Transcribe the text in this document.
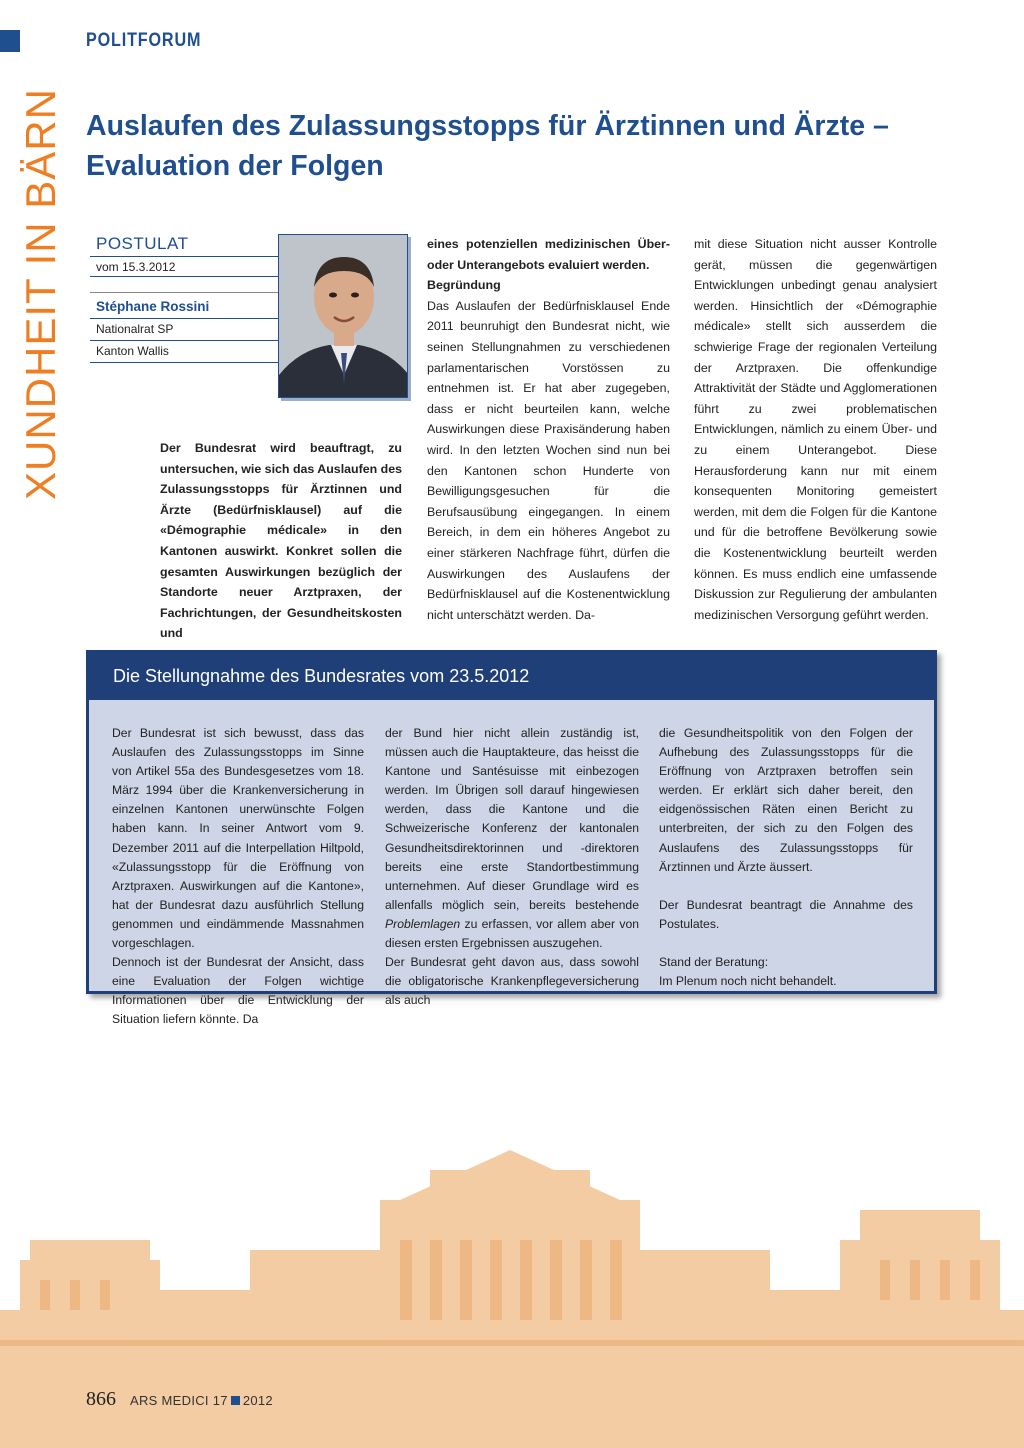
POLITFORUM
XUNDHEIT IN BÄRN Auslaufen des Zulassungsstopps für Ärztinnen und Ärzte –
Evaluation der Folgen
POSTULAT
vom 15.3.2012
Stéphane Rossini
Nationalrat SP
Kanton Wallis
Der Bundesrat wird beauftragt, zu untersuchen, wie sich das Auslaufen des Zulassungsstopps für Ärztinnen und Ärzte (Bedürfnisklausel) auf die «Démographie médicale» in den Kantonen auswirkt. Konkret sollen die gesamten Auswirkungen bezüglich der Standorte neuer Arztpraxen, der Fachrichtungen, der Gesundheitskosten und

eines potenziellen medizinischen Über- oder Unterangebots evaluiert werden.

Begründung

Das Auslaufen der Bedürfnisklausel Ende 2011 beunruhigt den Bundesrat nicht, wie seinen Stellungnahmen zu verschiedenen parlamentarischen Vorstössen zu entnehmen ist. Er hat aber zugegeben, dass er nicht beurteilen kann, welche Auswirkungen diese Praxisänderung haben wird. In den letzten Wochen sind nun bei den Kantonen schon Hunderte von Bewilligungsgesuchen für die Berufsausübung eingegangen. In einem Bereich, in dem ein höheres Angebot zu einer stärkeren Nachfrage führt, dürfen die Auswirkungen des Auslaufens der Bedürfnisklausel auf die Kostenentwicklung nicht unterschätzt werden. Da-

mit diese Situation nicht ausser Kontrolle gerät, müssen die gegenwärtigen Entwicklungen unbedingt genau analysiert werden. Hinsichtlich der «Démographie médicale» stellt sich ausserdem die schwierige Frage der regionalen Verteilung der Arztpraxen. Die offenkundige Attraktivität der Städte und Agglomerationen führt zu zwei problematischen Entwicklungen, nämlich zu einem Über- und zu einem Unterangebot. Diese Herausforderung kann nur mit einem konsequenten Monitoring gemeistert werden, mit dem die Folgen für die Kantone und für die betroffene Bevölkerung sowie die Kostenentwicklung beurteilt werden können. Es muss endlich eine umfassende Diskussion zur Regulierung der ambulanten medizinischen Versorgung geführt werden.

Die Stellungnahme des Bundesrates vom 23.5.2012

Der Bundesrat ist sich bewusst, dass das Auslaufen des Zulassungsstopps im Sinne von Artikel 55a des Bundesgesetzes vom 18. März 1994 über die Krankenversicherung in einzelnen Kantonen unerwünschte Folgen haben kann. In seiner Antwort vom 9. Dezember 2011 auf die Interpellation Hiltpold, «Zulassungsstopp für die Eröffnung von Arztpraxen. Auswirkungen auf die Kantone», hat der Bundesrat dazu ausführlich Stellung genommen und eindämmende Massnahmen vorgeschlagen.

Dennoch ist der Bundesrat der Ansicht, dass eine Evaluation der Folgen wichtige Informationen über die Entwicklung der Situation liefern könnte. Da

der Bund hier nicht allein zuständig ist, müssen auch die Hauptakteure, das heisst die Kantone und Santésuisse mit einbezogen werden. Im Übrigen soll darauf hingewiesen werden, dass die Kantone und die Schweizerische Konferenz der kantonalen Gesundheitsdirektorinnen und -direktoren bereits eine erste Standortbestimmung unternehmen. Auf dieser Grundlage wird es allenfalls möglich sein, bereits bestehende Problemlagen zu erfassen, vor allem aber von diesen ersten Ergebnissen auszugehen.

Der Bundesrat geht davon aus, dass sowohl die obligatorische Krankenpflegeversicherung als auch

die Gesundheitspolitik von den Folgen der Aufhebung des Zulassungsstopps für die Eröffnung von Arztpraxen betroffen sein werden. Er erklärt sich daher bereit, den eidgenössischen Räten einen Bericht zu unterbreiten, der sich zu den Folgen des Auslaufens des Zulassungsstopps für Ärztinnen und Ärzte äussert.

Der Bundesrat beantragt die Annahme des Postulates.

Stand der Beratung:

Im Plenum noch nicht behandelt.

866 ARS MEDICI 17 2012
